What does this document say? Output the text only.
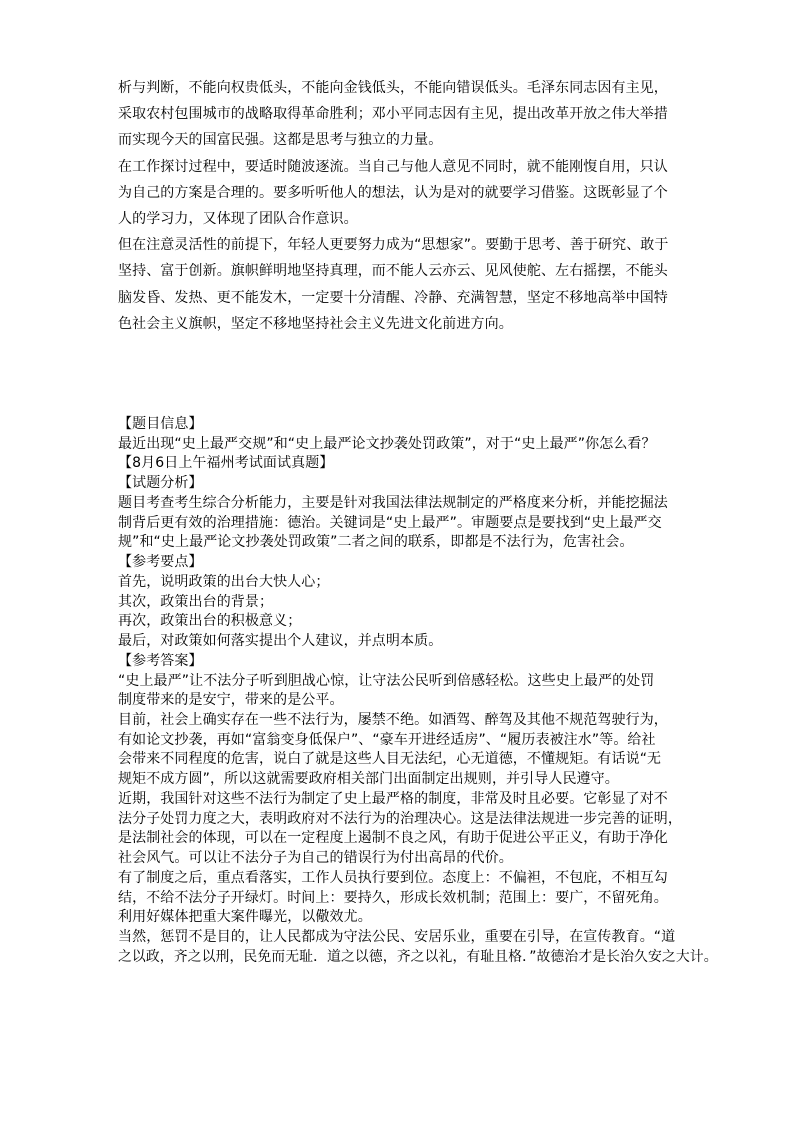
析与判断，不能向权贵低头，不能向金钱低头，不能向错误低头。毛泽东同志因有主见，
采取农村包围城市的战略取得革命胜利；邓小平同志因有主见，提出改革开放之伟大举措
而实现今天的国富民强。这都是思考与独立的力量。
在工作探讨过程中，要适时随波逐流。当自己与他人意见不同时，就不能刚愎自用，只认
为自己的方案是合理的。要多听听他人的想法，认为是对的就要学习借鉴。这既彰显了个
人的学习力，又体现了团队合作意识。
但在注意灵活性的前提下，年轻人更要努力成为“思想家”。要勤于思考、善于研究、敢于
坚持、富于创新。旗帜鲜明地坚持真理，而不能人云亦云、见风使舵、左右摇摆，不能头
脑发昏、发热、更不能发木，一定要十分清醒、冷静、充满智慧，坚定不移地高举中国特
色社会主义旗帜，坚定不移地坚持社会主义先进文化前进方向。
【题目信息】
最近出现“史上最严交规”和“史上最严论文抄袭处罚政策”，对于“史上最严”你怎么看？
【8月6日上午福州考试面试真题】
【试题分析】
题目考查考生综合分析能力，主要是针对我国法律法规制定的严格度来分析，并能挖掘法
制背后更有效的治理措施：德治。关键词是“史上最严”。审题要点是要找到“史上最严交
规”和“史上最严论文抄袭处罚政策”二者之间的联系，即都是不法行为，危害社会。
【参考要点】
首先，说明政策的出台大快人心；
其次，政策出台的背景；
再次，政策出台的积极意义；
最后，对政策如何落实提出个人建议，并点明本质。
【参考答案】
“史上最严”让不法分子听到胆战心惊，让守法公民听到倍感轻松。这些史上最严的处罚
制度带来的是安宁，带来的是公平。
目前，社会上确实存在一些不法行为，屡禁不绝。如酒驾、醉驾及其他不规范驾驶行为，
有如论文抄袭，再如“富翁变身低保户”、“豪车开进经适房”、“履历表被注水”等。给社
会带来不同程度的危害，说白了就是这些人目无法纪，心无道德，不懂规矩。有话说“无
规矩不成方圆”，所以这就需要政府相关部门出面制定出规则，并引导人民遵守。
近期，我国针对这些不法行为制定了史上最严格的制度，非常及时且必要。它彰显了对不
法分子处罚力度之大，表明政府对不法行为的治理决心。这是法律法规进一步完善的证明，
是法制社会的体现，可以在一定程度上遏制不良之风，有助于促进公平正义，有助于净化
社会风气。可以让不法分子为自己的错误行为付出高昂的代价。
有了制度之后，重点看落实，工作人员执行要到位。态度上：不偏袒，不包庇，不相互勾
结，不给不法分子开绿灯。时间上：要持久，形成长效机制；范围上：要广，不留死角。
利用好媒体把重大案件曝光，以儆效尤。
当然，惩罚不是目的，让人民都成为守法公民、安居乐业，重要在引导，在宣传教育。“道
之以政，齐之以刑，民免而无耻．道之以德，齐之以礼，有耻且格．”故德治才是长治久安之大计。
